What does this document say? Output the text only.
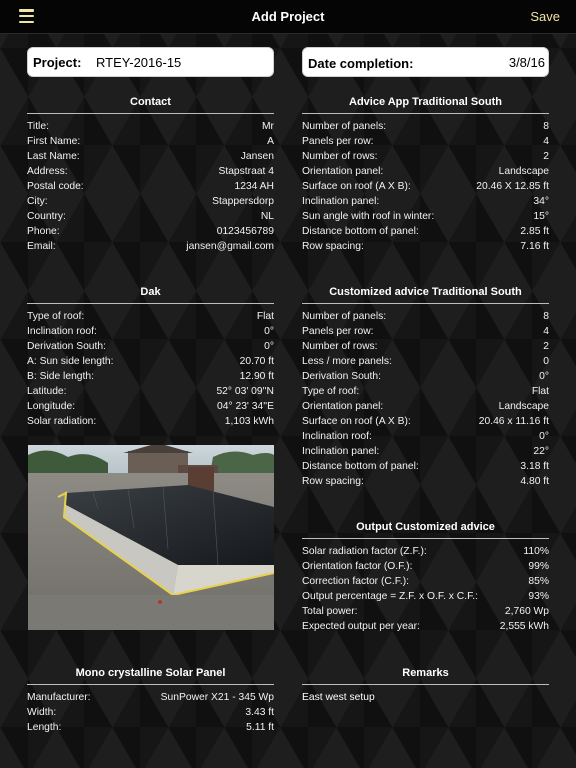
Add Project	Save
Project: RTEY-2016-15	Date completion:	3/8/16
Contact
Title:	Mr
First Name:	A
Last Name:	Jansen
Address:	Stapstraat 4
Postal code:	1234 AH
City:	Stappersdorp
Country:	NL
Phone:	0123456789
Email:	jansen@gmail.com
Advice App Traditional South
Number of panels:	8
Panels per row:	4
Number of rows:	2
Orientation panel:	Landscape
Surface on roof (A X B):	20.46 X 12.85 ft
Inclination panel:	34°
Sun angle with roof in winter:	15°
Distance bottom of panel:	2.85 ft
Row spacing:	7.16 ft
Dak
Type of roof:	Flat
Inclination roof:	0°
Derivation South:	0°
A: Sun side length:	20.70 ft
B: Side length:	12.90 ft
Latitude:	52° 03' 09''N
Longitude:	04° 23' 34''E
Solar radiation:	1,103 kWh
Customized advice Traditional South
Number of panels:	8
Panels per row:	4
Number of rows:	2
Less / more panels:	0
Derivation South:	0°
Type of roof:	Flat
Orientation panel:	Landscape
Surface on roof (A X B):	20.46 x 11.16 ft
Inclination roof:	0°
Inclination panel:	22°
Distance bottom of panel:	3.18 ft
Row spacing:	4.80 ft
Output Customized advice
Solar radiation factor (Z.F.):	110%
Orientation factor (O.F.):	99%
Correction factor (C.F.):	85%
Output percentage = Z.F. x O.F. x C.F.:	93%
Total power:	2,760 Wp
Expected output per year:	2,555 kWh
Mono crystalline Solar Panel
Manufacturer:	SunPower X21 - 345 Wp
Width:	3.43 ft
Length:	5.11 ft
Remarks
East west setup
